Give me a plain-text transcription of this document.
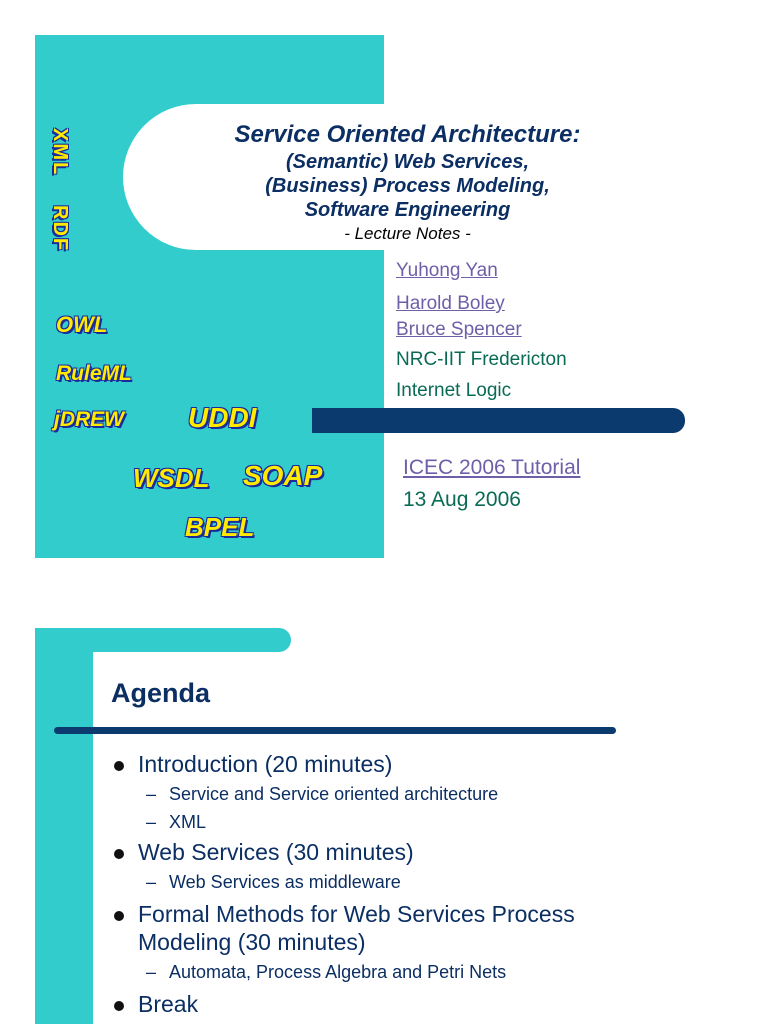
XML
RDF
OWL
RuleML
jDREW UDDI
WSDL SOAP
BPEL
Service Oriented Architecture:
(Semantic) Web Services,
(Business) Process Modeling,
Software Engineering
- Lecture Notes -
Yuhong Yan
Harold Boley
Bruce Spencer
NRC-IIT Fredericton
Internet Logic
ICEC 2006 Tutorial
13 Aug 2006
Agenda
Introduction (20 minutes)
– Service and Service oriented architecture
– XML
Web Services (30 minutes)
– Web Services as middleware
Formal Methods for Web Services Process Modeling (30 minutes)
– Automata, Process Algebra and Petri Nets
Break
